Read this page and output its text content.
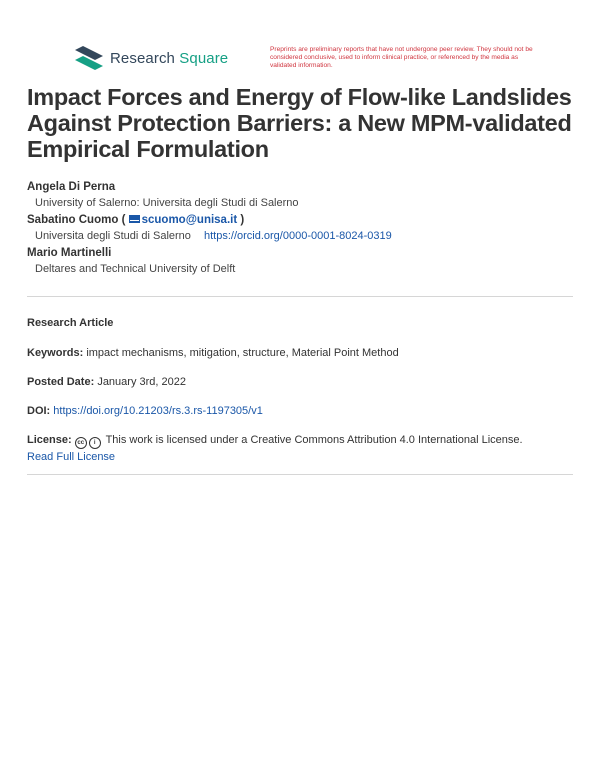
Research Square	Preprints are preliminary reports that have not undergone peer review. They should not be considered conclusive, used to inform clinical practice, or referenced by the media as validated information.
Impact Forces and Energy of Flow-like Landslides Against Protection Barriers: a New MPM-validated Empirical Formulation
Angela Di Perna
University of Salerno: Universita degli Studi di Salerno
Sabatino Cuomo ( scuomo@unisa.it )
Universita degli Studi di Salerno https://orcid.org/0000-0001-8024-0319
Mario Martinelli
Deltares and Technical University of Delft
Research Article
Keywords: impact mechanisms, mitigation, structure, Material Point Method
Posted Date: January 3rd, 2022
DOI: https://doi.org/10.21203/rs.3.rs-1197305/v1
License: cc i This work is licensed under a Creative Commons Attribution 4.0 International License.
Read Full License
